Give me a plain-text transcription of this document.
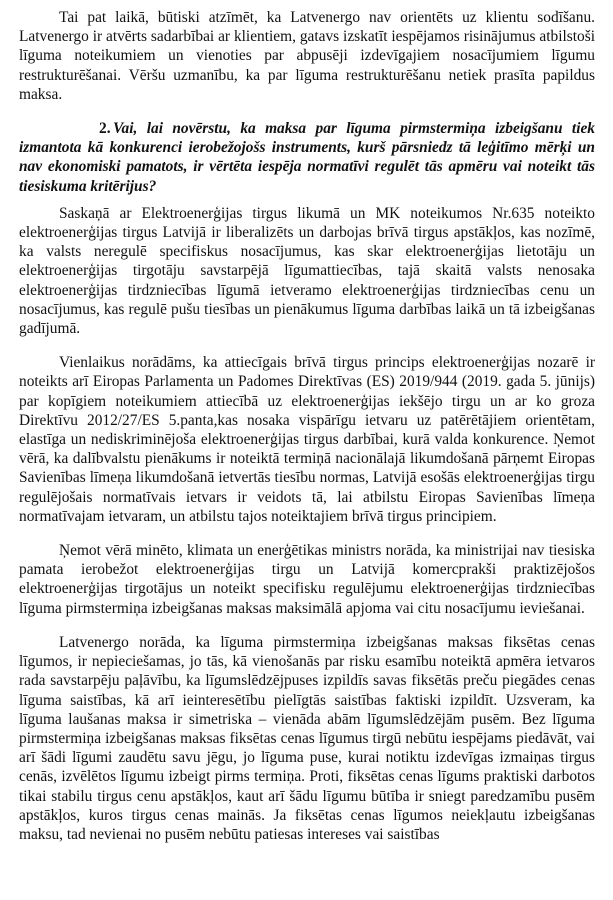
Tai pat laikā, būtiski atzīmēt, ka Latvenergo nav orientēts uz klientu sodīšanu. Latvenergo ir atvērts sadarbībai ar klientiem, gatavs izskatīt iespējamos risinājumus atbilstoši līguma noteikumiem un vienoties par abpusēji izdevīgajiem nosacījumiem līgumu restrukturēšanai. Vēršu uzmanību, ka par līguma restrukturēšanu netiek prasīta papildus maksa.

2. Vai, lai novērstu, ka maksa par līguma pirmstermiņa izbeigšanu tiek izmantota kā konkurenci ierobežojošs instruments, kurš pārsniedz tā leģitīmo mērķi un nav ekonomiski pamatots, ir vērtēta iespēja normatīvi regulēt tās apmēru vai noteikt tās tiesiskuma kritērijus?

Saskaņā ar Elektroenerģijas tirgus likumā un MK noteikumos Nr.635 noteikto elektroenerģijas tirgus Latvijā ir liberalizēts un darbojas brīvā tirgus apstākļos, kas nozīmē, ka valsts neregulē specifiskus nosacījumus, kas skar elektroenerģijas lietotāju un elektroenerģijas tirgotāju savstarpējā līgumattiecības, tajā skaitā valsts nenosaka elektroenerģijas tirdzniecības līgumā ietveramo elektroenerģijas tirdzniecības cenu un nosacījumus, kas regulē pušu tiesības un pienākumus līguma darbības laikā un tā izbeigšanas gadījumā.

Vienlaikus norādāms, ka attiecīgais brīvā tirgus princips elektroenerģijas nozarē ir noteikts arī Eiropas Parlamenta un Padomes Direktīvas (ES) 2019/944 (2019. gada 5. jūnijs) par kopīgiem noteikumiem attiecībā uz elektroenerģijas iekšējo tirgu un ar ko groza Direktīvu 2012/27/ES 5.panta,kas nosaka vispārīgu ietvaru uz patērētājiem orientētam, elastīga un nediskriminējoša elektroenerģijas tirgus darbībai, kurā valda konkurence. Ņemot vērā, ka dalībvalstu pienākums ir noteiktā termiņā nacionālajā likumdošanā pārņemt Eiropas Savienības līmeņa likumdošanā ietvertās tiesību normas, Latvijā esošās elektroenerģijas tirgu regulējošais normatīvais ietvars ir veidots tā, lai atbilstu Eiropas Savienības līmeņa normatīvajam ietvaram, un atbilstu tajos noteiktajiem brīvā tirgus principiem.

Ņemot vērā minēto, klimata un enerģētikas ministrs norāda, ka ministrijai nav tiesiska pamata ierobežot elektroenerģijas tirgu un Latvijā komercprakši praktizējošos elektroenerģijas tirgotājus un noteikt specifisku regulējumu elektroenerģijas tirdzniecības līguma pirmstermiņa izbeigšanas maksas maksimālā apjoma vai citu nosacījumu ieviešanai.

Latvenergo norāda, ka līguma pirmstermiņa izbeigšanas maksas fiksētas cenas līgumos, ir nepieciešamas, jo tās, kā vienošanās par risku esamību noteiktā apmēra ietvaros rada savstarpēju paļāvību, ka līgumslēdzējpuses izpildīs savas fiksētās preču piegādes cenas līguma saistības, kā arī ieinteresētību pielīgtās saistības faktiski izpildīt. Uzsveram, ka līguma laušanas maksa ir simetriska – vienāda abām līgumslēdzējām pusēm. Bez līguma pirmstermiņa izbeigšanas maksas fiksētas cenas līgumus tirgū nebūtu iespējams piedāvāt, vai arī šādi līgumi zaudētu savu jēgu, jo līguma puse, kurai notiktu izdevīgas izmaiņas tirgus cenās, izvēlētos līgumu izbeigt pirms termiņa. Proti, fiksētas cenas līgums praktiski darbotos tikai stabilu tirgus cenu apstākļos, kaut arī šādu līgumu būtība ir sniegt paredzamību pusēm apstākļos, kuros tirgus cenas mainās. Ja fiksētas cenas līgumos neiekļautu izbeigšanas maksu, tad nevienai no pusēm nebūtu patiesas intereses vai saistības
